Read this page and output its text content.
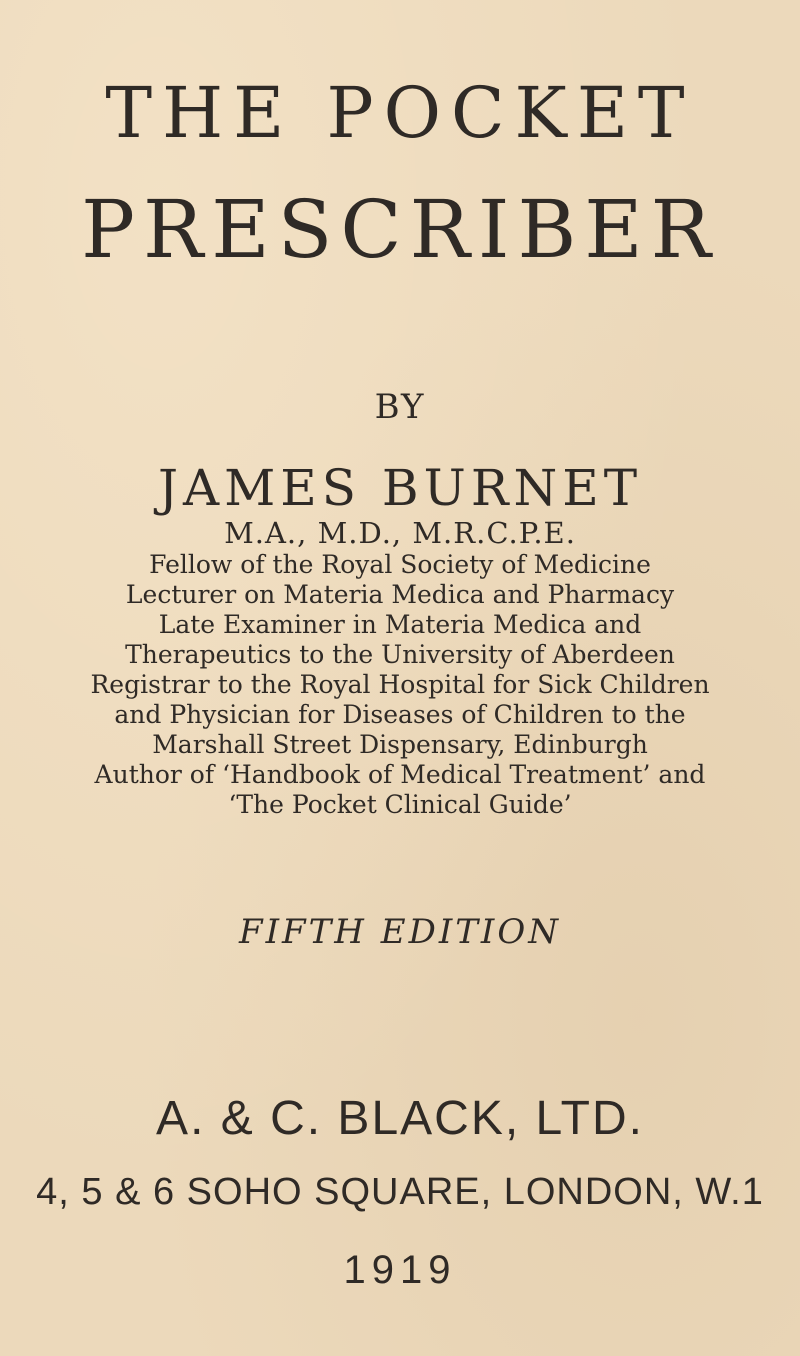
THE POCKET
PRESCRIBER
BY
JAMES BURNET
M.A., M.D., M.R.C.P.E.
Fellow of the Royal Society of Medicine
Lecturer on Materia Medica and Pharmacy
Late Examiner in Materia Medica and
Therapeutics to the University of Aberdeen
Registrar to the Royal Hospital for Sick Children
and Physician for Diseases of Children to the
Marshall Street Dispensary, Edinburgh
Author of ‘Handbook of Medical Treatment’ and
‘The Pocket Clinical Guide’
FIFTH EDITION
A. & C. BLACK, LTD.
4, 5 & 6 SOHO SQUARE, LONDON, W.1
1919
